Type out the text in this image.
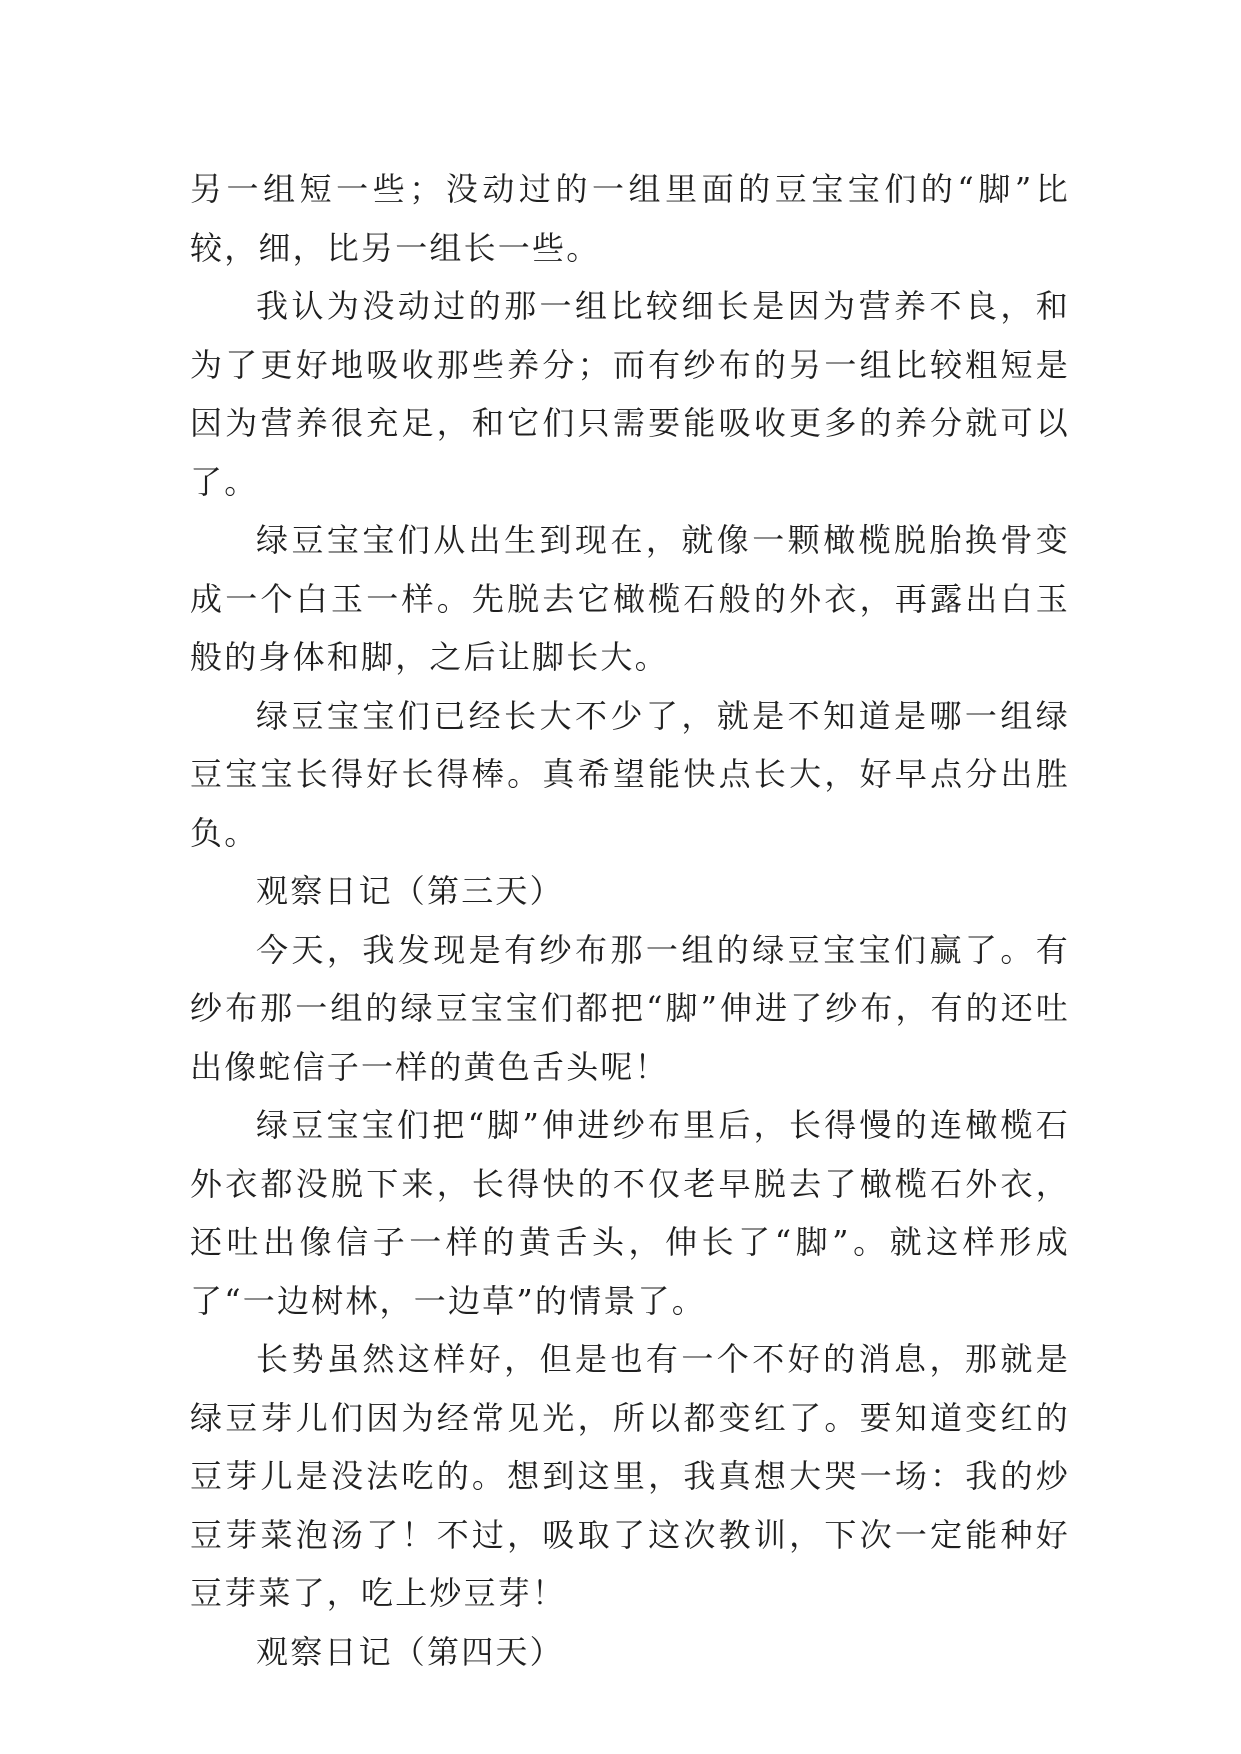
另一组短一些；没动过的一组里面的豆宝宝们的“脚”比较，细，比另一组长一些。

我认为没动过的那一组比较细长是因为营养不良，和为了更好地吸收那些养分；而有纱布的另一组比较粗短是因为营养很充足，和它们只需要能吸收更多的养分就可以了。

绿豆宝宝们从出生到现在，就像一颗橄榄脱胎换骨变成一个白玉一样。先脱去它橄榄石般的外衣，再露出白玉般的身体和脚，之后让脚长大。

绿豆宝宝们已经长大不少了，就是不知道是哪一组绿豆宝宝长得好长得棒。真希望能快点长大，好早点分出胜负。

观察日记（第三天）

今天，我发现是有纱布那一组的绿豆宝宝们赢了。有纱布那一组的绿豆宝宝们都把“脚”伸进了纱布，有的还吐出像蛇信子一样的黄色舌头呢！

绿豆宝宝们把“脚”伸进纱布里后，长得慢的连橄榄石外衣都没脱下来，长得快的不仅老早脱去了橄榄石外衣，还吐出像信子一样的黄舌头，伸长了“脚”。就这样形成了“一边树林，一边草”的情景了。

长势虽然这样好，但是也有一个不好的消息，那就是绿豆芽儿们因为经常见光，所以都变红了。要知道变红的豆芽儿是没法吃的。想到这里，我真想大哭一场：我的炒豆芽菜泡汤了！不过，吸取了这次教训，下次一定能种好豆芽菜了，吃上炒豆芽！

观察日记（第四天）
